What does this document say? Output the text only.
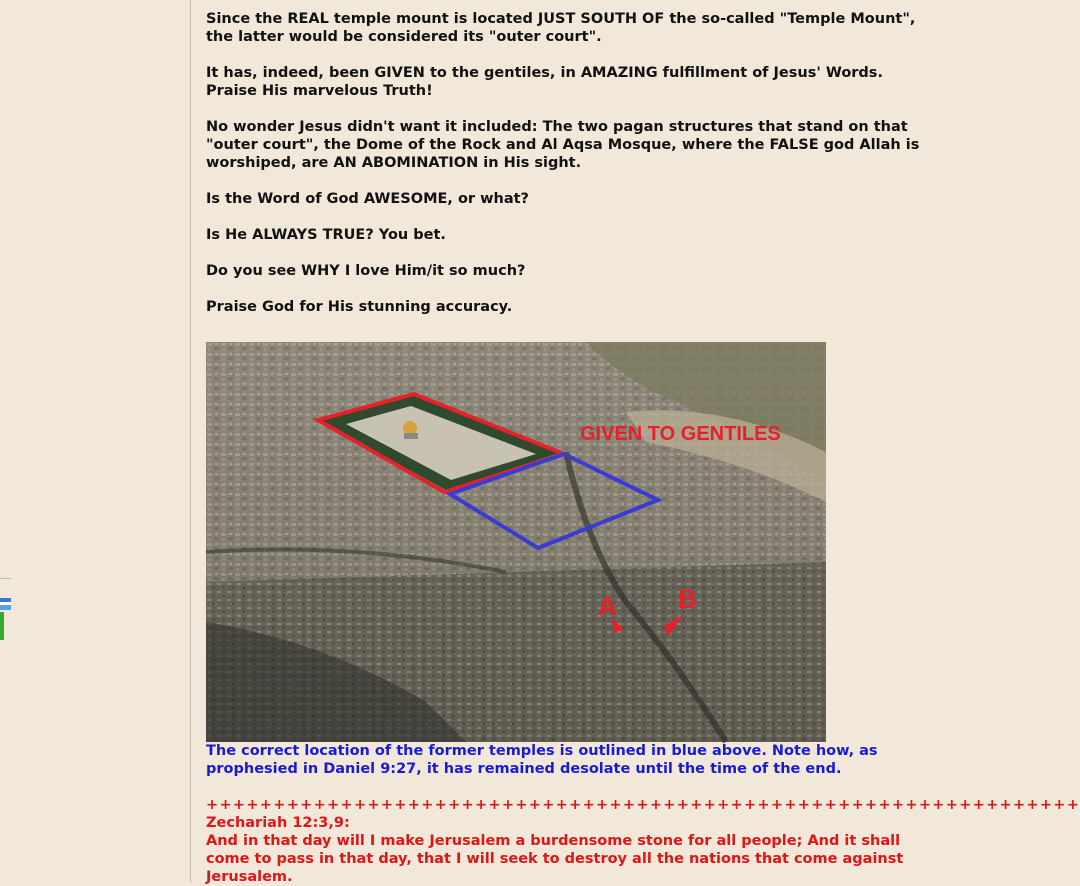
Since the REAL temple mount is located JUST SOUTH OF the so-called "Temple Mount", the latter would be considered its "outer court".

It has, indeed, been GIVEN to the gentiles, in AMAZING fulfillment of Jesus' Words. Praise His marvelous Truth!

No wonder Jesus didn't want it included: The two pagan structures that stand on that "outer court", the Dome of the Rock and Al Aqsa Mosque, where the FALSE god Allah is worshiped, are AN ABOMINATION in His sight.

Is the Word of God AWESOME, or what?

Is He ALWAYS TRUE? You bet.

Do you see WHY I love Him/it so much?

Praise God for His stunning accuracy.

GIVEN TO GENTILES
A B

The correct location of the former temples is outlined in blue above. Note how, as prophesied in Daniel 9:27, it has remained desolate until the time of the end.

+++++++++++++++++++++++++++++++++++++++++++++++++++++++++++++++++

Zechariah 12:3,9:

And in that day will I make Jerusalem a burdensome stone for all people; And it shall come to pass in that day, that I will seek to destroy all the nations that come against Jerusalem.
